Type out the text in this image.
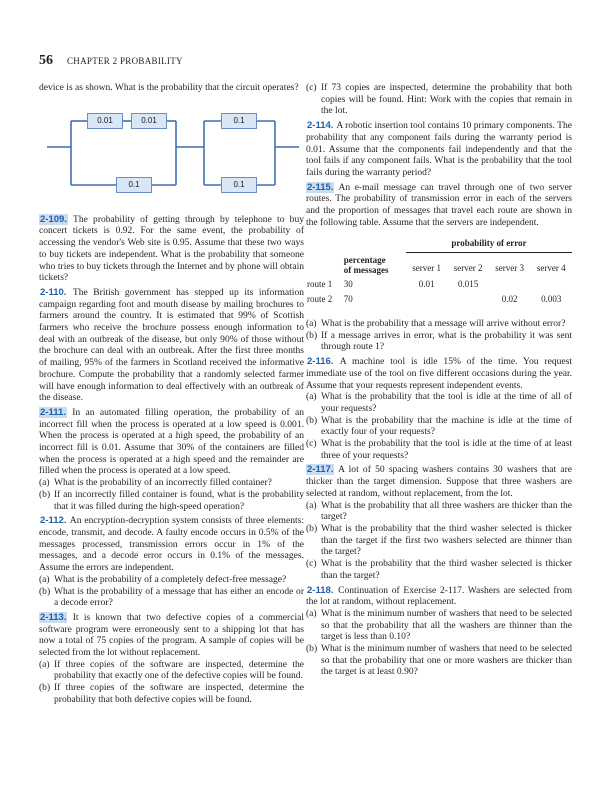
56 CHAPTER 2 PROBABILITY

device is as shown. What is the probability that the circuit operates?

0.01	0.01	0.1
0.1	0.1

2-109. The probability of getting through by telephone to buy concert tickets is 0.92. For the same event, the probability of accessing the vendor's Web site is 0.95. Assume that these two ways to buy tickets are independent. What is the probability that someone who tries to buy tickets through the Internet and by phone will obtain tickets?

2-110. The British government has stepped up its information campaign regarding foot and mouth disease by mailing brochures to farmers around the country. It is estimated that 99% of Scottish farmers who receive the brochure possess enough information to deal with an outbreak of the disease, but only 90% of those without the brochure can deal with an outbreak. After the first three months of mailing, 95% of the farmers in Scotland received the informative brochure. Compute the probability that a randomly selected farmer will have enough information to deal effectively with an outbreak of the disease.

2-111. In an automated filling operation, the probability of an incorrect fill when the process is operated at a low speed is 0.001. When the process is operated at a high speed, the probability of an incorrect fill is 0.01. Assume that 30% of the containers are filled when the process is operated at a high speed and the remainder are filled when the process is operated at a low speed.

(a) What is the probability of an incorrectly filled container?
(b) If an incorrectly filled container is found, what is the probability that it was filled during the high-speed operation?

2-112. An encryption-decryption system consists of three elements: encode, transmit, and decode. A faulty encode occurs in 0.5% of the messages processed, transmission errors occur in 1% of the messages, and a decode error occurs in 0.1% of the messages. Assume the errors are independent.

(a) What is the probability of a completely defect-free message?
(b) What is the probability of a message that has either an encode or a decode error?

2-113. It is known that two defective copies of a commercial software program were erroneously sent to a shipping lot that has now a total of 75 copies of the program. A sample of copies will be selected from the lot without replacement.

(a) If three copies of the software are inspected, determine the probability that exactly one of the defective copies will be found.
(b) If three copies of the software are inspected, determine the probability that both defective copies will be found.
(c) If 73 copies are inspected, determine the probability that both copies will be found. Hint: Work with the copies that remain in the lot.

2-114. A robotic insertion tool contains 10 primary components. The probability that any component fails during the warranty period is 0.01. Assume that the components fail independently and that the tool fails if any component fails. What is the probability that the tool fails during the warranty period?

2-115. An e-mail message can travel through one of two server routes. The probability of transmission error in each of the servers and the proportion of messages that travel each route are shown in the following table. Assume that the servers are independent.

		probability of error			
	percentage
of messages	server 1	server 2	server 3	server 4
route 1	30	0.01	0.015		
route 2	70			0.02	0.003
(a) What is the probability that a message will arrive without error?
(b) If a message arrives in error, what is the probability it was sent through route 1?

2-116. A machine tool is idle 15% of the time. You request immediate use of the tool on five different occasions during the year. Assume that your requests represent independent events.

(a) What is the probability that the tool is idle at the time of all of your requests?
(b) What is the probability that the machine is idle at the time of exactly four of your requests?
(c) What is the probability that the tool is idle at the time of at least three of your requests?

2-117. A lot of 50 spacing washers contains 30 washers that are thicker than the target dimension. Suppose that three washers are selected at random, without replacement, from the lot.

(a) What is the probability that all three washers are thicker than the target?
(b) What is the probability that the third washer selected is thicker than the target if the first two washers selected are thinner than the target?
(c) What is the probability that the third washer selected is thicker than the target?

2-118. Continuation of Exercise 2-117. Washers are selected from the lot at random, without replacement.

(a) What is the minimum number of washers that need to be selected so that the probability that all the washers are thinner than the target is less than 0.10?
(b) What is the minimum number of washers that need to be selected so that the probability that one or more washers are thicker than the target is at least 0.90?
